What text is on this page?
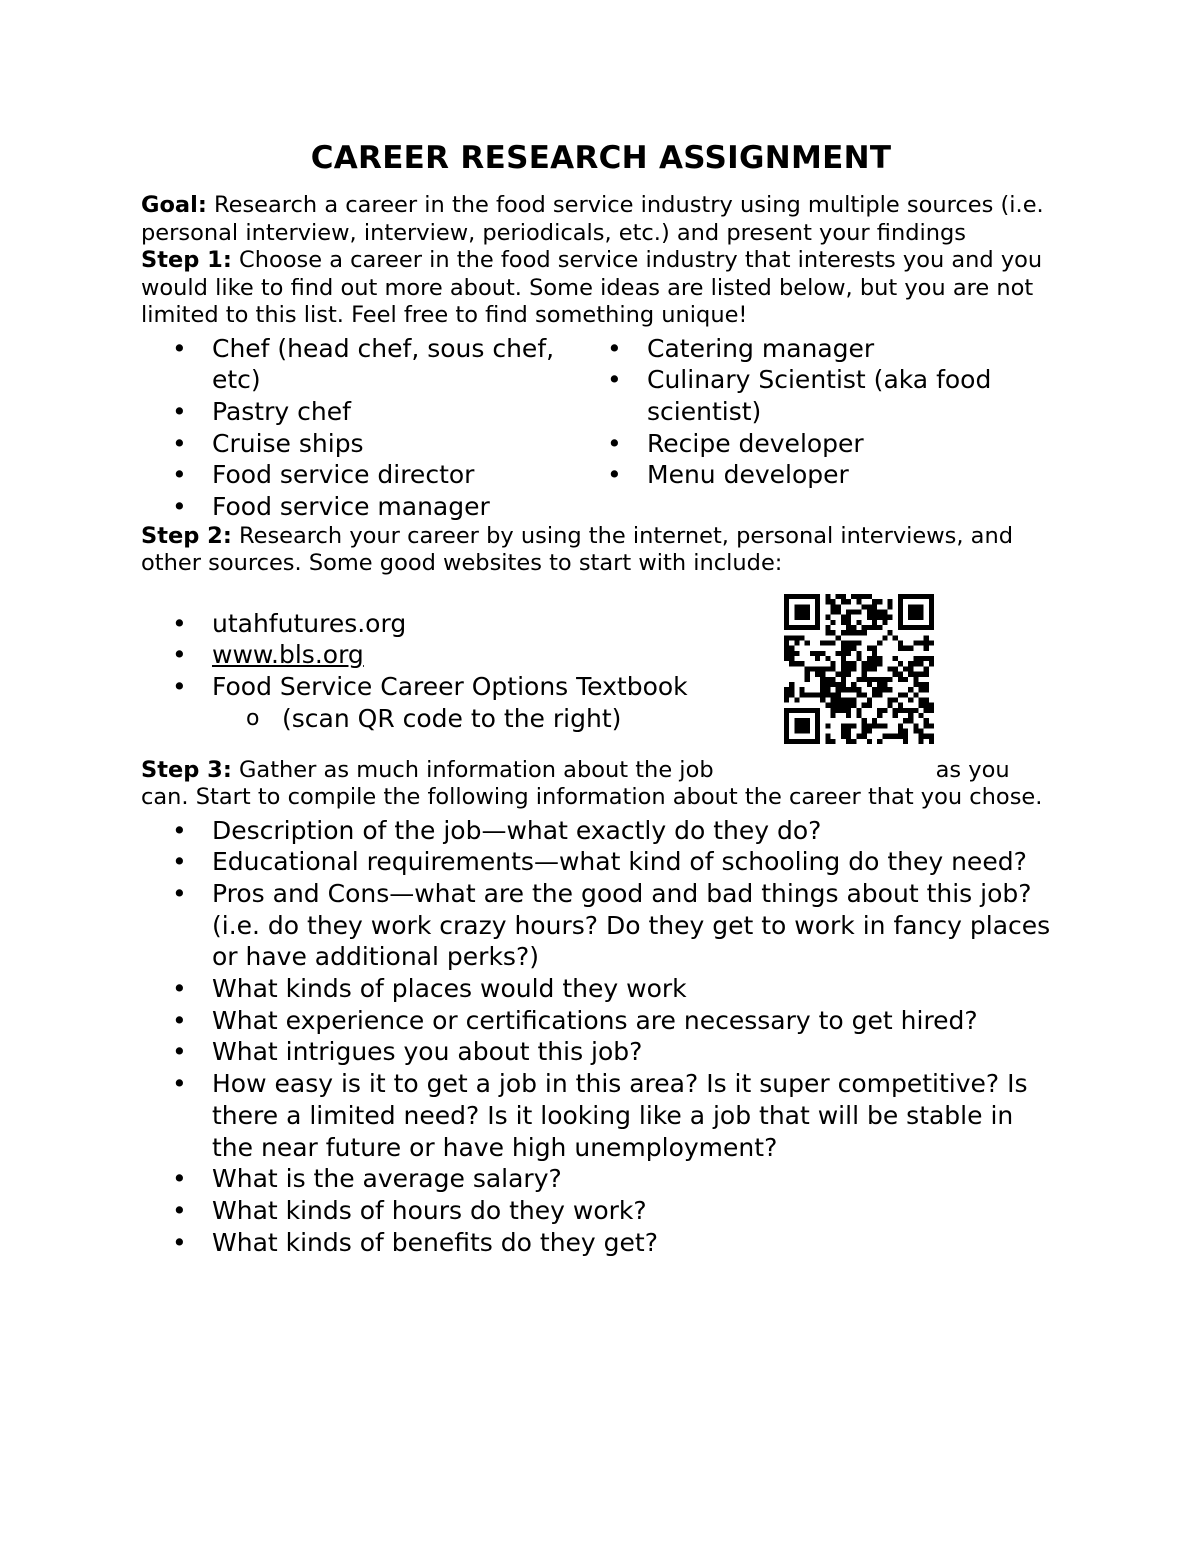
CAREER RESEARCH ASSIGNMENT

Goal: Research a career in the food service industry using multiple sources (i.e. personal interview, interview, periodicals, etc.) and present your findings

Step 1: Choose a career in the food service industry that interests you and you would like to find out more about. Some ideas are listed below, but you are not limited to this list. Feel free to find something unique!

• Chef (head chef, sous chef, etc)
• Pastry chef
• Cruise ships
• Food service director
• Food service manager
• Catering manager
• Culinary Scientist (aka food scientist)
• Recipe developer
• Menu developer

Step 2: Research your career by using the internet, personal interviews, and other sources. Some good websites to start with include:

• utahfutures.org
• www.bls.org
• Food Service Career Options Textbook
o (scan QR code to the right)

Step 3: Gather as much information about the job	as you can. Start to compile the following information about the career that you chose.

• Description of the job—what exactly do they do?
• Educational requirements—what kind of schooling do they need?
• Pros and Cons—what are the good and bad things about this job? (i.e. do they work crazy hours? Do they get to work in fancy places or have additional perks?)
• What kinds of places would they work
• What experience or certifications are necessary to get hired?
• What intrigues you about this job?
• How easy is it to get a job in this area? Is it super competitive? Is there a limited need? Is it looking like a job that will be stable in the near future or have high unemployment?
• What is the average salary?
• What kinds of hours do they work?
• What kinds of benefits do they get?
